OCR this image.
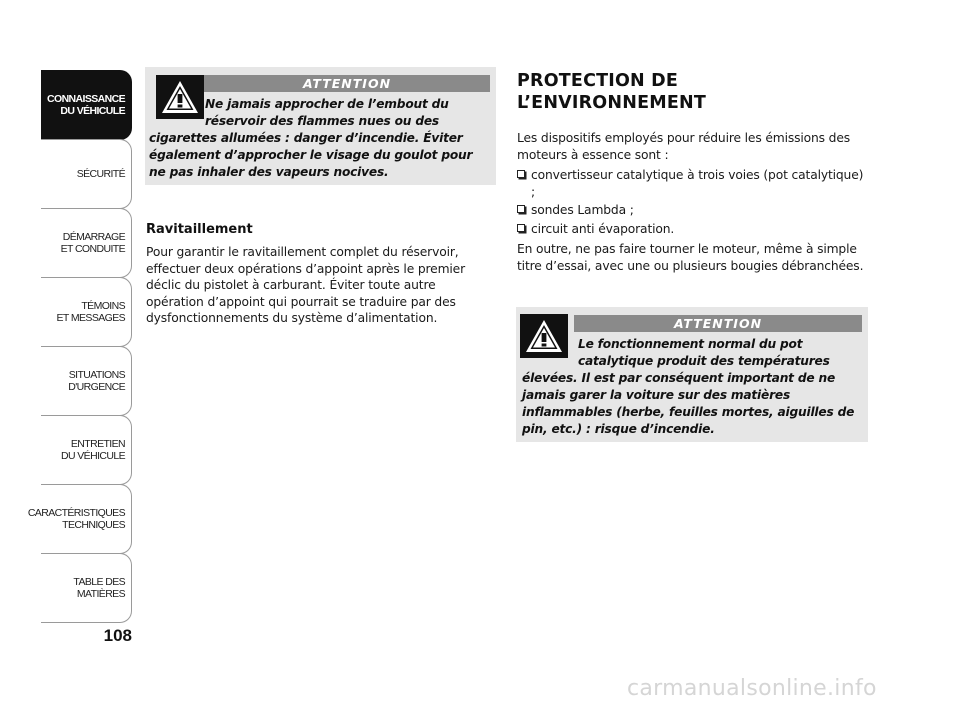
CONNAISSANCE
DU VÉHICULE
SÉCURITÉ
DÉMARRAGE
ET CONDUITE
TÉMOINS
ET MESSAGES
SITUATIONS
D'URGENCE
ENTRETIEN
DU VÉHICULE
CARACTÉRISTIQUES
TECHNIQUES
TABLE DES
MATIÈRES
108
ATTENTION
Ne jamais approcher de l’embout du
réservoir des flammes nues ou des
cigarettes allumées : danger d’incendie. Éviter
également d’approcher le visage du goulot pour
ne pas inhaler des vapeurs nocives.
Ravitaillement
Pour garantir le ravitaillement complet du réservoir, effectuer deux opérations d’appoint après le premier déclic du pistolet à carburant. Éviter toute autre opération d’appoint qui pourrait se traduire par des dysfonctionnements du système d’alimentation.
PROTECTION DE
L’ENVIRONNEMENT
Les dispositifs employés pour réduire les émissions des moteurs à essence sont :
convertisseur catalytique à trois voies (pot catalytique) ;
sondes Lambda ;
circuit anti évaporation.
En outre, ne pas faire tourner le moteur, même à simple titre d’essai, avec une ou plusieurs bougies débranchées.
ATTENTION
Le fonctionnement normal du pot
catalytique produit des températures
élevées. Il est par conséquent important de ne
jamais garer la voiture sur des matières
inflammables (herbe, feuilles mortes, aiguilles de
pin, etc.) : risque d’incendie.
carmanualsonline.info
